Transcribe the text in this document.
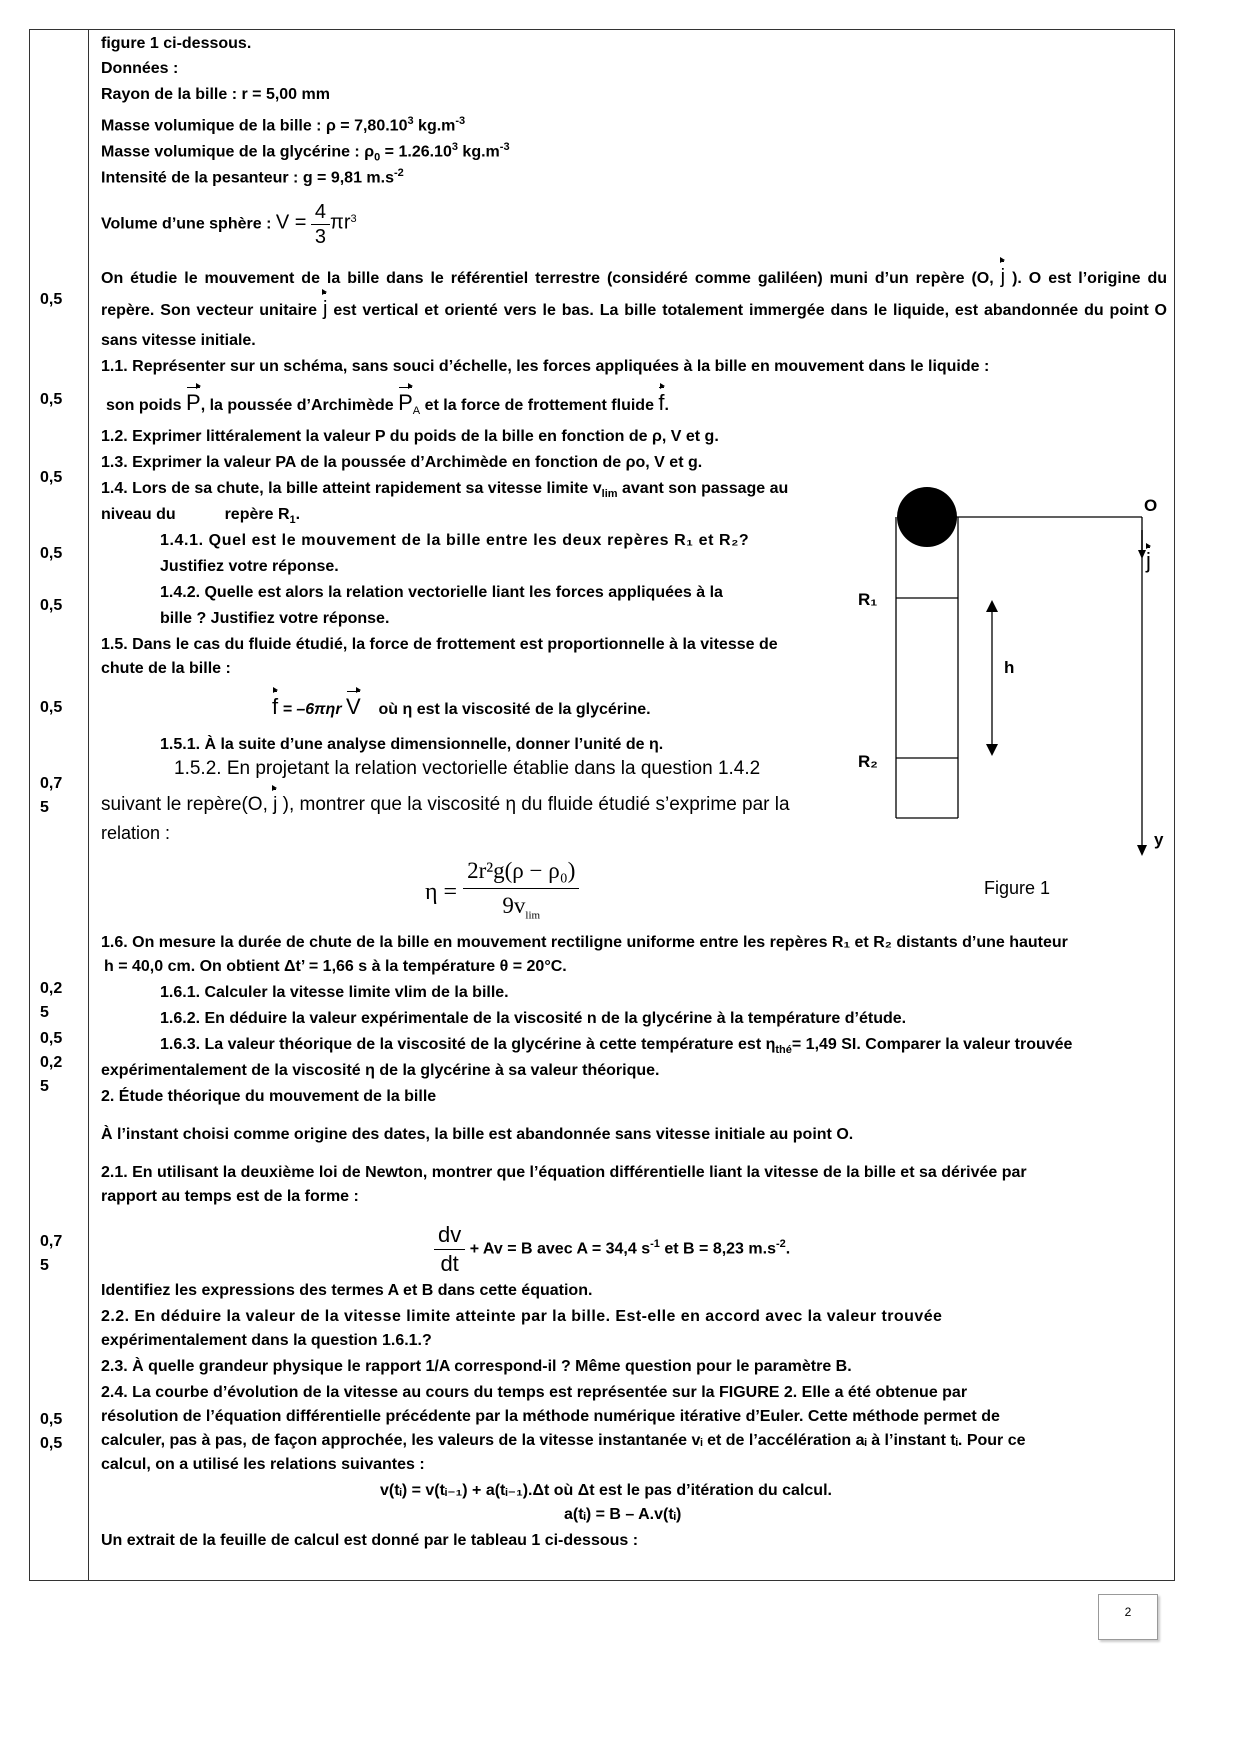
0,5
0,5
0,5
0,5
0,5
0,5
0,7
5
0,2
5
0,5
0,2
5
0,7
5
0,5
0,5
figure 1 ci-dessous.
Données :
Rayon de la bille : r = 5,00 mm
Masse volumique de la bille : $\rho = 7,80.10^3$ $kg.m^{-3}$
Masse volumique de la glycérine : $\rho_0 = 1.26.10^3$ $kg.m^{-3}$
Intensité de la pesanteur : g = 9,81 $m.s^{-2}$
Volume d’une sphère : $V = \frac{4}{3} \pi r^3$
On étudie le mouvement de la bille dans le référentiel terrestre (considéré comme galiléen) muni d’un repère (O, j ). O est l’origine du repère. Son vecteur unitaire j est vertical et orienté vers le bas. La bille totalement immergée dans le liquide, est abandonnée du point O sans vitesse initiale.
1.1. Représenter sur un schéma, sans souci d’échelle, les forces appliquées à la bille en mouvement dans le liquide :
son poids P, la poussée d’Archimède $P_A$ et la force de frottement fluide f.
1.2. Exprimer littéralement la valeur P du poids de la bille en fonction de ρ, V et g.
1.3. Exprimer la valeur PA de la poussée d’Archimède en fonction de ρo, V et g.
1.4. Lors de sa chute, la bille atteint rapidement sa vitesse limite $v_{lim}$ avant son passage au
niveau du           repère $R_1$.
1.4.1. Quel est le mouvement de la bille entre les deux repères R₁ et R₂?
Justifiez votre réponse.
1.4.2. Quelle est alors la relation vectorielle liant les forces appliquées à la
bille ? Justifiez votre réponse.
1.5. Dans le cas du fluide étudié, la force de frottement est proportionnelle à la vitesse de
chute de la bille :
f = –6πηr V où η est la viscosité de la glycérine.
1.5.1. À la suite d’une analyse dimensionnelle, donner l’unité de η.
1.5.2. En projetant la relation vectorielle établie dans la question 1.4.2
suivant le repère(O, j ), montrer que la viscosité η du fluide étudié s’exprime par la
relation :
$\eta = \frac{\text{2r²g(ρ − ρ₀)}}{9v_{lim}}$
O
j
R₁
R₂
h
y
Figure 1
1.6. On mesure la durée de chute de la bille en mouvement rectiligne uniforme entre les repères R₁ et R₂ distants d’une hauteur
h = 40,0 cm. On obtient Δt’ = 1,66 s à la température θ = 20°C.
1.6.1. Calculer la vitesse limite vlim de la bille.
1.6.2. En déduire la valeur expérimentale de la viscosité n de la glycérine à la température d’étude.
1.6.3. La valeur théorique de la viscosité de la glycérine à cette température est $\eta_{thé}= 1,49$ SI. Comparer la valeur trouvée
expérimentalement de la viscosité η de la glycérine à sa valeur théorique.
2. Étude théorique du mouvement de la bille
À l’instant choisi comme origine des dates, la bille est abandonnée sans vitesse initiale au point O.
2.1. En utilisant la deuxième loi de Newton, montrer que l’équation différentielle liant la vitesse de la bille et sa dérivée par
rapport au temps est de la forme :
$\frac{dv}{dt} + Av = B$ avec A = 34,4 $s^{-1}$ et B = 8,23 $m.s^{-2}$.
Identifiez les expressions des termes A et B dans cette équation.
2.2. En déduire la valeur de la vitesse limite atteinte par la bille. Est-elle en accord avec la valeur trouvée
expérimentalement dans la question 1.6.1.?
2.3. À quelle grandeur physique le rapport 1/A correspond-il ? Même question pour le paramètre B.
2.4. La courbe d’évolution de la vitesse au cours du temps est représentée sur la FIGURE 2. Elle a été obtenue par
résolution de l’équation différentielle précédente par la méthode numérique itérative d’Euler. Cette méthode permet de
calculer, pas à pas, de façon approchée, les valeurs de la vitesse instantanée vᵢ et de l’accélération aᵢ à l’instant tᵢ. Pour ce
calcul, on a utilisé les relations suivantes :
v(tᵢ) = v(tᵢ₋₁) + a(tᵢ₋₁).Δt où Δt est le pas d’itération du calcul.
a(tᵢ) = B – A.v(tᵢ)
Un extrait de la feuille de calcul est donné par le tableau 1 ci-dessous :
2
